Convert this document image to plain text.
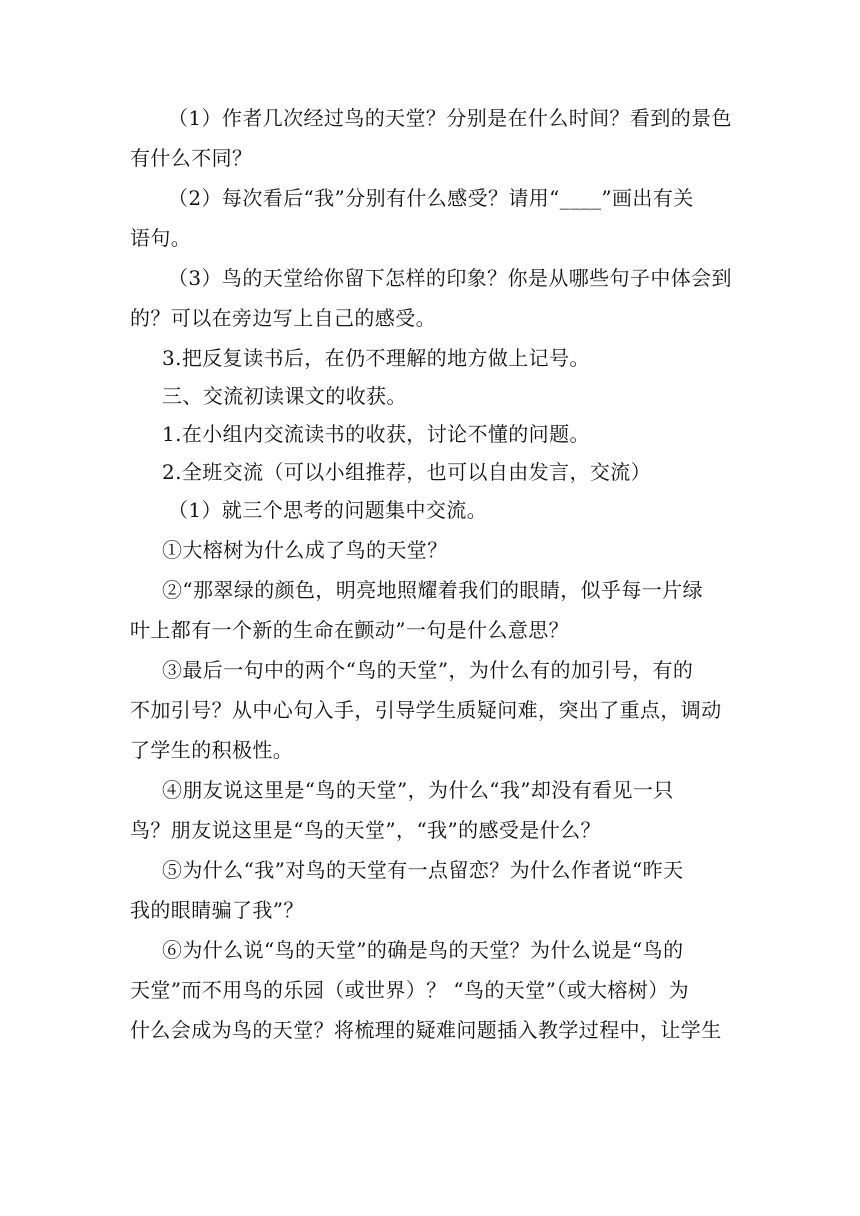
（1）作者几次经过鸟的天堂？分别是在什么时间？看到的景色
有什么不同？
（2）每次看后“我”分别有什么感受？请用“____”画出有关
语句。
（3）鸟的天堂给你留下怎样的印象？你是从哪些句子中体会到
的？可以在旁边写上自己的感受。
3.把反复读书后，在仍不理解的地方做上记号。
三、交流初读课文的收获。
1.在小组内交流读书的收获，讨论不懂的问题。
2.全班交流（可以小组推荐，也可以自由发言，交流）
（1）就三个思考的问题集中交流。
①大榕树为什么成了鸟的天堂？
②“那翠绿的颜色，明亮地照耀着我们的眼睛，似乎每一片绿
叶上都有一个新的生命在颤动”一句是什么意思？
③最后一句中的两个“鸟的天堂”，为什么有的加引号，有的
不加引号？从中心句入手，引导学生质疑问难，突出了重点，调动
了学生的积极性。
④朋友说这里是“鸟的天堂”，为什么“我”却没有看见一只
鸟？朋友说这里是“鸟的天堂”，“我”的感受是什么？
⑤为什么“我”对鸟的天堂有一点留恋？为什么作者说“昨天
我的眼睛骗了我”？
⑥为什么说“鸟的天堂”的确是鸟的天堂？为什么说是“鸟的
天堂”而不用鸟的乐园（或世界）？ “鸟的天堂”（或大榕树）为
什么会成为鸟的天堂？将梳理的疑难问题插入教学过程中，让学生
